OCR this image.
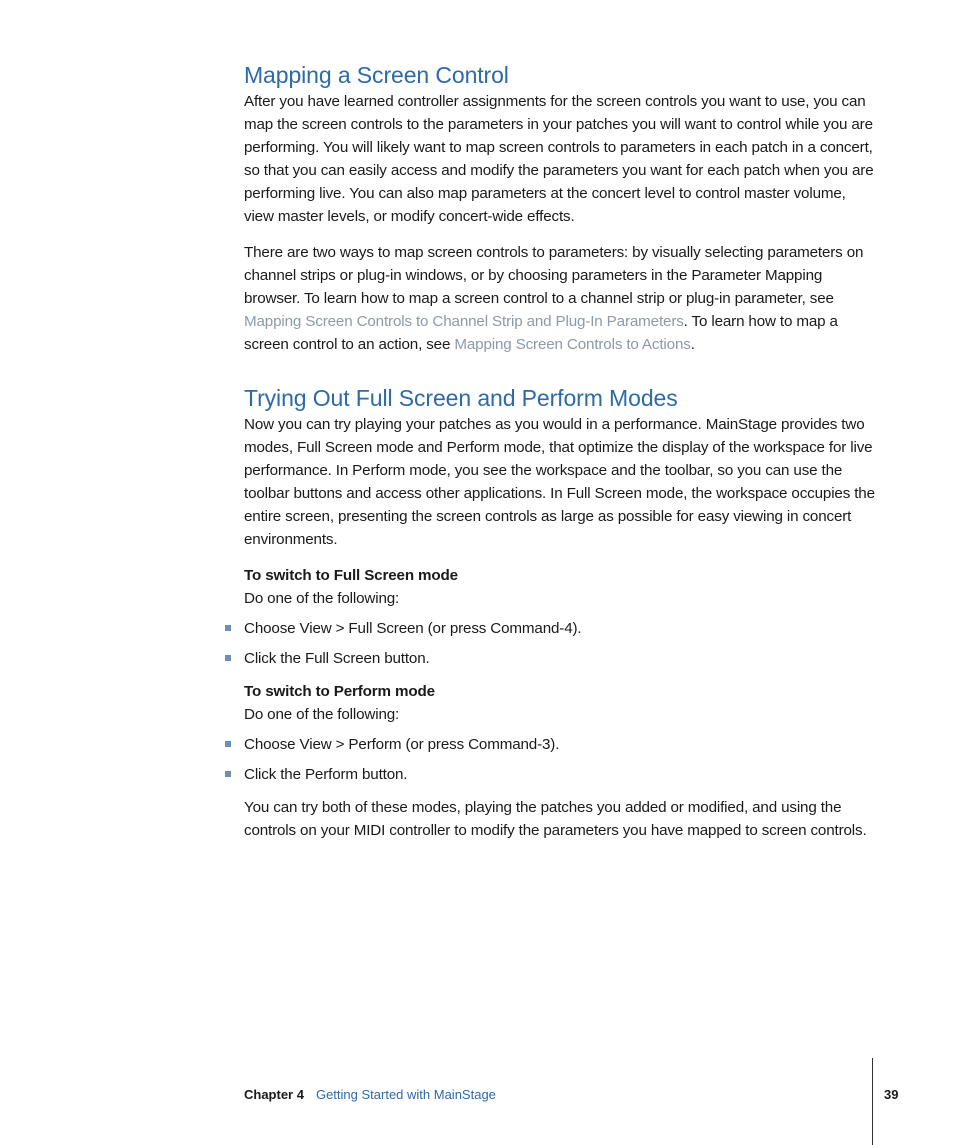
Mapping a Screen Control

After you have learned controller assignments for the screen controls you want to use, you can map the screen controls to the parameters in your patches you will want to control while you are performing. You will likely want to map screen controls to parameters in each patch in a concert, so that you can easily access and modify the parameters you want for each patch when you are performing live. You can also map parameters at the concert level to control master volume, view master levels, or modify concert-wide effects.

There are two ways to map screen controls to parameters: by visually selecting parameters on channel strips or plug-in windows, or by choosing parameters in the Parameter Mapping browser. To learn how to map a screen control to a channel strip or plug-in parameter, see Mapping Screen Controls to Channel Strip and Plug-In Parameters. To learn how to map a screen control to an action, see Mapping Screen Controls to Actions.

Trying Out Full Screen and Perform Modes

Now you can try playing your patches as you would in a performance. MainStage provides two modes, Full Screen mode and Perform mode, that optimize the display of the workspace for live performance. In Perform mode, you see the workspace and the toolbar, so you can use the toolbar buttons and access other applications. In Full Screen mode, the workspace occupies the entire screen, presenting the screen controls as large as possible for easy viewing in concert environments.

To switch to Full Screen mode

Do one of the following:

Choose View > Full Screen (or press Command-4).
Click the Full Screen button.

To switch to Perform mode

Do one of the following:

Choose View > Perform (or press Command-3).
Click the Perform button.

You can try both of these modes, playing the patches you added or modified, and using the controls on your MIDI controller to modify the parameters you have mapped to screen controls.

Chapter 4 Getting Started with MainStage	39
